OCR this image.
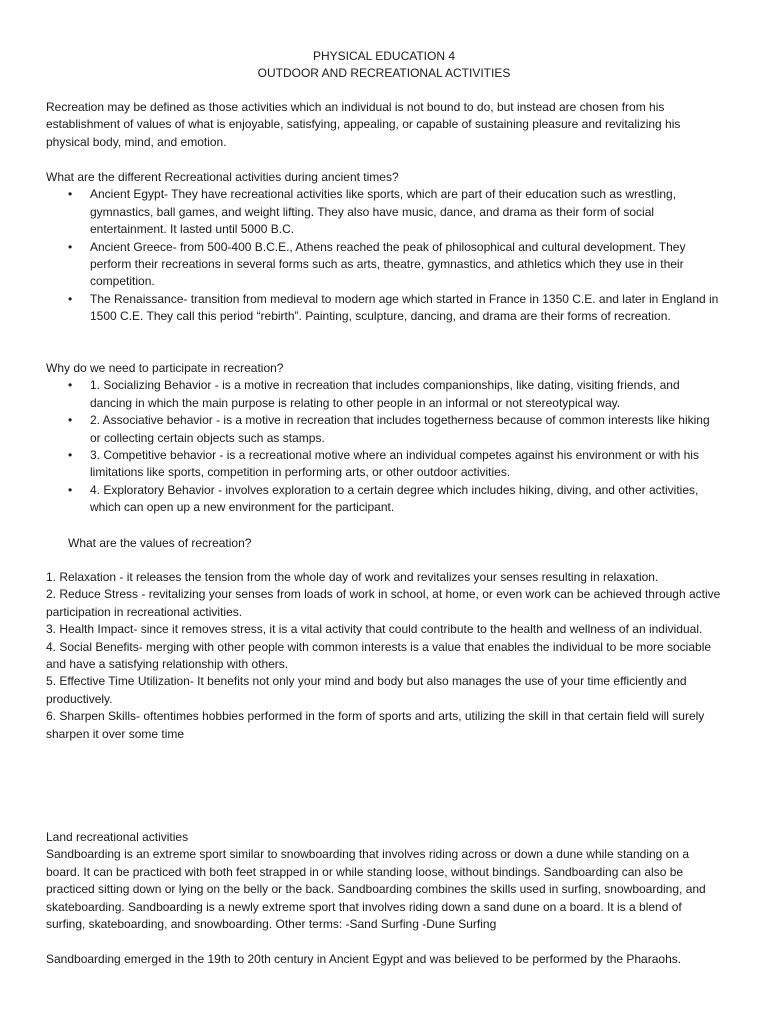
PHYSICAL EDUCATION 4
OUTDOOR AND RECREATIONAL ACTIVITIES

Recreation may be defined as those activities which an individual is not bound to do, but instead are chosen from his establishment of values of what is enjoyable, satisfying, appealing, or capable of sustaining pleasure and revitalizing his physical body, mind, and emotion.

What are the different Recreational activities during ancient times?

• Ancient Egypt- They have recreational activities like sports, which are part of their education such as wrestling, gymnastics, ball games, and weight lifting. They also have music, dance, and drama as their form of social entertainment. It lasted until 5000 B.C.
• Ancient Greece- from 500-400 B.C.E., Athens reached the peak of philosophical and cultural development. They perform their recreations in several forms such as arts, theatre, gymnastics, and athletics which they use in their competition.
• The Renaissance- transition from medieval to modern age which started in France in 1350 C.E. and later in England in 1500 C.E. They call this period “rebirth”. Painting, sculpture, dancing, and drama are their forms of recreation.

Why do we need to participate in recreation?

• 1. Socializing Behavior - is a motive in recreation that includes companionships, like dating, visiting friends, and dancing in which the main purpose is relating to other people in an informal or not stereotypical way.
• 2. Associative behavior - is a motive in recreation that includes togetherness because of common interests like hiking or collecting certain objects such as stamps.
• 3. Competitive behavior - is a recreational motive where an individual competes against his environment or with his limitations like sports, competition in performing arts, or other outdoor activities.
• 4. Exploratory Behavior - involves exploration to a certain degree which includes hiking, diving, and other activities, which can open up a new environment for the participant.

What are the values of recreation?

1. Relaxation - it releases the tension from the whole day of work and revitalizes your senses resulting in relaxation.
2. Reduce Stress - revitalizing your senses from loads of work in school, at home, or even work can be achieved through active participation in recreational activities.
3. Health Impact- since it removes stress, it is a vital activity that could contribute to the health and wellness of an individual.
4. Social Benefits- merging with other people with common interests is a value that enables the individual to be more sociable and have a satisfying relationship with others.
5. Effective Time Utilization- It benefits not only your mind and body but also manages the use of your time efficiently and productively.
6. Sharpen Skills- oftentimes hobbies performed in the form of sports and arts, utilizing the skill in that certain field will surely sharpen it over some time

Land recreational activities

Sandboarding is an extreme sport similar to snowboarding that involves riding across or down a dune while standing on a board. It can be practiced with both feet strapped in or while standing loose, without bindings. Sandboarding can also be practiced sitting down or lying on the belly or the back. Sandboarding combines the skills used in surfing, snowboarding, and skateboarding. Sandboarding is a newly extreme sport that involves riding down a sand dune on a board. It is a blend of surfing, skateboarding, and snowboarding. Other terms: -Sand Surfing -Dune Surfing

Sandboarding emerged in the 19th to 20th century in Ancient Egypt and was believed to be performed by the Pharaohs.
